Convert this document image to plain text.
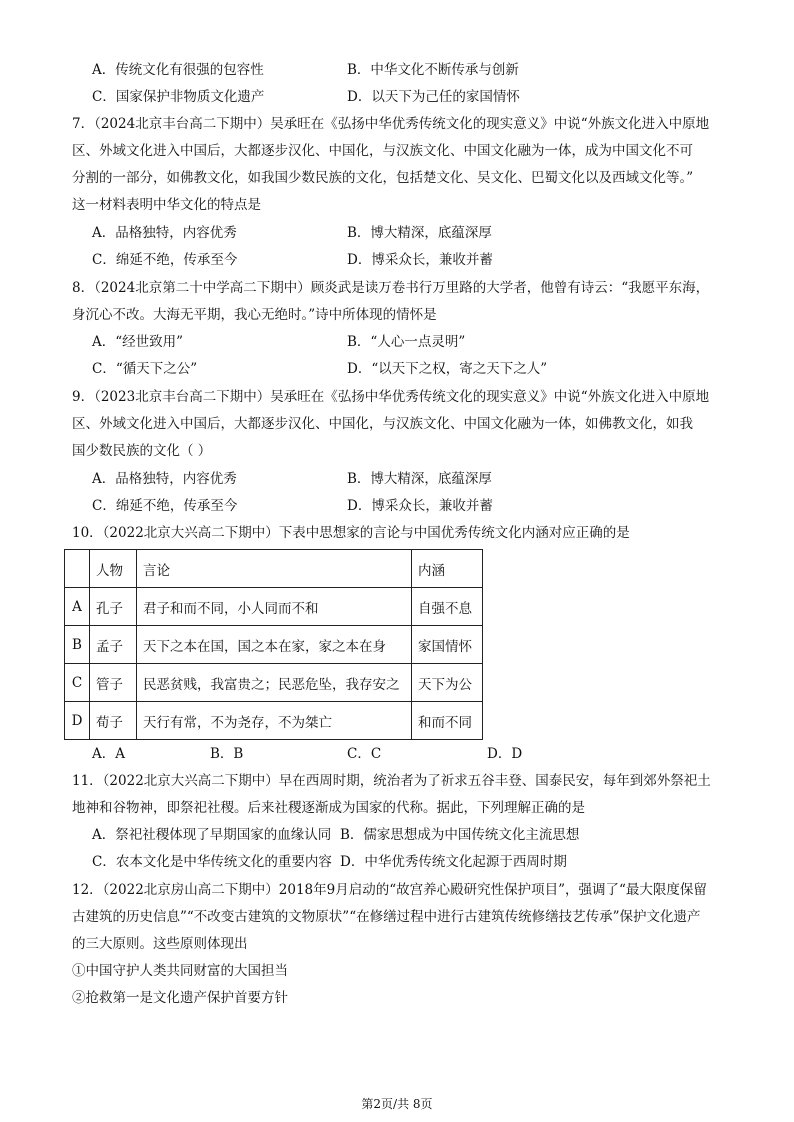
A．传统文化有很强的包容性	B．中华文化不断传承与创新
C．国家保护非物质文化遗产	D．以天下为己任的家国情怀
7．（2024北京丰台高二下期中）吴承旺在《弘扬中华优秀传统文化的现实意义》中说“外族文化进入中原地
区、外域文化进入中国后，大都逐步汉化、中国化，与汉族文化、中国文化融为一体，成为中国文化不可
分割的一部分，如佛教文化，如我国少数民族的文化，包括楚文化、吴文化、巴蜀文化以及西域文化等。”
这一材料表明中华文化的特点是
A．品格独特，内容优秀	B．博大精深，底蕴深厚
C．绵延不绝，传承至今	D．博采众长，兼收并蓄
8．（2024北京第二十中学高二下期中）顾炎武是读万卷书行万里路的大学者，他曾有诗云：“我愿平东海，
身沉心不改。大海无平期，我心无绝时。”诗中所体现的情怀是
A．“经世致用”	B．“人心一点灵明”
C．“循天下之公”	D．“以天下之权，寄之天下之人”
9．（2023北京丰台高二下期中）吴承旺在《弘扬中华优秀传统文化的现实意义》中说“外族文化进入中原地
区、外域文化进入中国后，大都逐步汉化、中国化，与汉族文化、中国文化融为一体，如佛教文化，如我
国少数民族的文化（ ）
A．品格独特，内容优秀	B．博大精深，底蕴深厚
C．绵延不绝，传承至今	D．博采众长，兼收并蓄
10．（2022北京大兴高二下期中）下表中思想家的言论与中国优秀传统文化内涵对应正确的是
	人物	言论	内涵
A	孔子	君子和而不同，小人同而不和	自强不息
B	孟子	天下之本在国，国之本在家，家之本在身	家国情怀
C	管子	民恶贫贱，我富贵之；民恶危坠，我存安之	天下为公
D	荀子	天行有常，不为尧存，不为桀亡	和而不同
A．A	B．B	C．C	D．D
11．（2022北京大兴高二下期中）早在西周时期，统治者为了祈求五谷丰登、国泰民安，每年到郊外祭祀土
地神和谷物神，即祭祀社稷。后来社稷逐渐成为国家的代称。据此，下列理解正确的是
A．祭祀社稷体现了早期国家的血缘认同 B．儒家思想成为中国传统文化主流思想
C．农本文化是中华传统文化的重要内容 D．中华优秀传统文化起源于西周时期
12．（2022北京房山高二下期中）2018年9月启动的“故宫养心殿研究性保护项目”，强调了“最大限度保留
古建筑的历史信息”“不改变古建筑的文物原状”“在修缮过程中进行古建筑传统修缮技艺传承”保护文化遗产
的三大原则。这些原则体现出
①中国守护人类共同财富的大国担当
②抢救第一是文化遗产保护首要方针
第2页/共 8页
